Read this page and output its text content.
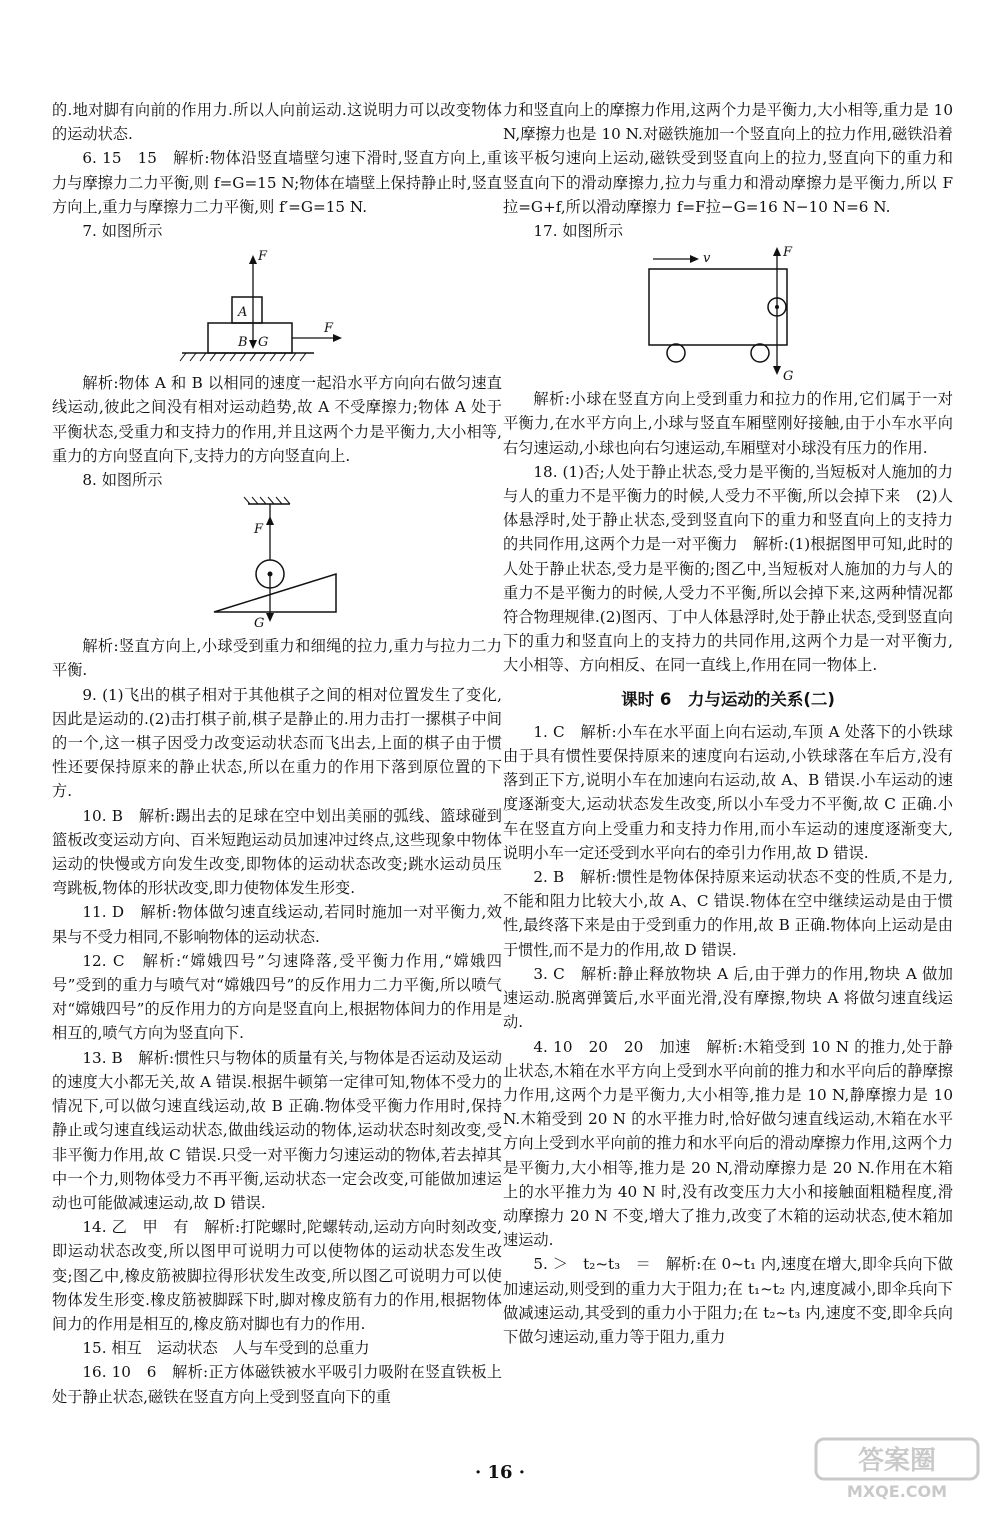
的.地对脚有向前的作用力.所以人向前运动.这说明力可以改变物体的运动状态.

6. 15　15　解析:物体沿竖直墙壁匀速下滑时,竖直方向上,重力与摩擦力二力平衡,则 f=G=15 N;物体在墙壁上保持静止时,竖直方向上,重力与摩擦力二力平衡,则 f′=G=15 N.

7. 如图所示

F
A
B G
F

解析:物体 A 和 B 以相同的速度一起沿水平方向向右做匀速直线运动,彼此之间没有相对运动趋势,故 A 不受摩擦力;物体 A 处于平衡状态,受重力和支持力的作用,并且这两个力是平衡力,大小相等,重力的方向竖直向下,支持力的方向竖直向上.

8. 如图所示

F
G

解析:竖直方向上,小球受到重力和细绳的拉力,重力与拉力二力平衡.

9. (1)飞出的棋子相对于其他棋子之间的相对位置发生了变化,因此是运动的.(2)击打棋子前,棋子是静止的.用力击打一摞棋子中间的一个,这一棋子因受力改变运动状态而飞出去,上面的棋子由于惯性还要保持原来的静止状态,所以在重力的作用下落到原位置的下方.

10. B　解析:踢出去的足球在空中划出美丽的弧线、篮球碰到篮板改变运动方向、百米短跑运动员加速冲过终点,这些现象中物体运动的快慢或方向发生改变,即物体的运动状态改变;跳水运动员压弯跳板,物体的形状改变,即力使物体发生形变.

11. D　解析:物体做匀速直线运动,若同时施加一对平衡力,效果与不受力相同,不影响物体的运动状态.

12. C　解析:“嫦娥四号”匀速降落,受平衡力作用,“嫦娥四号”受到的重力与喷气对“嫦娥四号”的反作用力二力平衡,所以喷气对“嫦娥四号”的反作用力的方向是竖直向上,根据物体间力的作用是相互的,喷气方向为竖直向下.

13. B　解析:惯性只与物体的质量有关,与物体是否运动及运动的速度大小都无关,故 A 错误.根据牛顿第一定律可知,物体不受力的情况下,可以做匀速直线运动,故 B 正确.物体受平衡力作用时,保持静止或匀速直线运动状态,做曲线运动的物体,运动状态时刻改变,受非平衡力作用,故 C 错误.只受一对平衡力匀速运动的物体,若去掉其中一个力,则物体受力不再平衡,运动状态一定会改变,可能做加速运动也可能做减速运动,故 D 错误.

14. 乙　甲　有　解析:打陀螺时,陀螺转动,运动方向时刻改变,即运动状态改变,所以图甲可说明力可以使物体的运动状态发生改变;图乙中,橡皮筋被脚拉得形状发生改变,所以图乙可说明力可以使物体发生形变.橡皮筋被脚踩下时,脚对橡皮筋有力的作用,根据物体间力的作用是相互的,橡皮筋对脚也有力的作用.

15. 相互　运动状态　人与车受到的总重力

16. 10　6　解析:正方体磁铁被水平吸引力吸附在竖直铁板上处于静止状态,磁铁在竖直方向上受到竖直向下的重

力和竖直向上的摩擦力作用,这两个力是平衡力,大小相等,重力是 10 N,摩擦力也是 10 N.对磁铁施加一个竖直向上的拉力作用,磁铁沿着该平板匀速向上运动,磁铁受到竖直向上的拉力,竖直向下的重力和竖直向下的滑动摩擦力,拉力与重力和滑动摩擦力是平衡力,所以 F拉=G+f,所以滑动摩擦力 f=F拉−G=16 N−10 N=6 N.

17. 如图所示

v	F
G

解析:小球在竖直方向上受到重力和拉力的作用,它们属于一对平衡力,在水平方向上,小球与竖直车厢壁刚好接触,由于小车水平向右匀速运动,小球也向右匀速运动,车厢壁对小球没有压力的作用.

18. (1)否;人处于静止状态,受力是平衡的,当短板对人施加的力与人的重力不是平衡力的时候,人受力不平衡,所以会掉下来　(2)人体悬浮时,处于静止状态,受到竖直向下的重力和竖直向上的支持力的共同作用,这两个力是一对平衡力　解析:(1)根据图甲可知,此时的人处于静止状态,受力是平衡的;图乙中,当短板对人施加的力与人的重力不是平衡力的时候,人受力不平衡,所以会掉下来,这两种情况都符合物理规律.(2)图丙、丁中人体悬浮时,处于静止状态,受到竖直向下的重力和竖直向上的支持力的共同作用,这两个力是一对平衡力,大小相等、方向相反、在同一直线上,作用在同一物体上.

课时 6　力与运动的关系(二)

1. C　解析:小车在水平面上向右运动,车顶 A 处落下的小铁球由于具有惯性要保持原来的速度向右运动,小铁球落在车后方,没有落到正下方,说明小车在加速向右运动,故 A、B 错误.小车运动的速度逐渐变大,运动状态发生改变,所以小车受力不平衡,故 C 正确.小车在竖直方向上受重力和支持力作用,而小车运动的速度逐渐变大,说明小车一定还受到水平向右的牵引力作用,故 D 错误.

2. B　解析:惯性是物体保持原来运动状态不变的性质,不是力,不能和阻力比较大小,故 A、C 错误.物体在空中继续运动是由于惯性,最终落下来是由于受到重力的作用,故 B 正确.物体向上运动是由于惯性,而不是力的作用,故 D 错误.

3. C　解析:静止释放物块 A 后,由于弹力的作用,物块 A 做加速运动.脱离弹簧后,水平面光滑,没有摩擦,物块 A 将做匀速直线运动.

4. 10　20　20　加速　解析:木箱受到 10 N 的推力,处于静止状态,木箱在水平方向上受到水平向前的推力和水平向后的静摩擦力作用,这两个力是平衡力,大小相等,推力是 10 N,静摩擦力是 10 N.木箱受到 20 N 的水平推力时,恰好做匀速直线运动,木箱在水平方向上受到水平向前的推力和水平向后的滑动摩擦力作用,这两个力是平衡力,大小相等,推力是 20 N,滑动摩擦力是 20 N.作用在木箱上的水平推力为 40 N 时,没有改变压力大小和接触面粗糙程度,滑动摩擦力 20 N 不变,增大了推力,改变了木箱的运动状态,使木箱加速运动.

5. ＞　t₂~t₃　＝　解析:在 0~t₁ 内,速度在增大,即伞兵向下做加速运动,则受到的重力大于阻力;在 t₁~t₂ 内,速度减小,即伞兵向下做减速运动,其受到的重力小于阻力;在 t₂~t₃ 内,速度不变,即伞兵向下做匀速运动,重力等于阻力,重力

· 16 ·	答案圈
MXQE.COM
